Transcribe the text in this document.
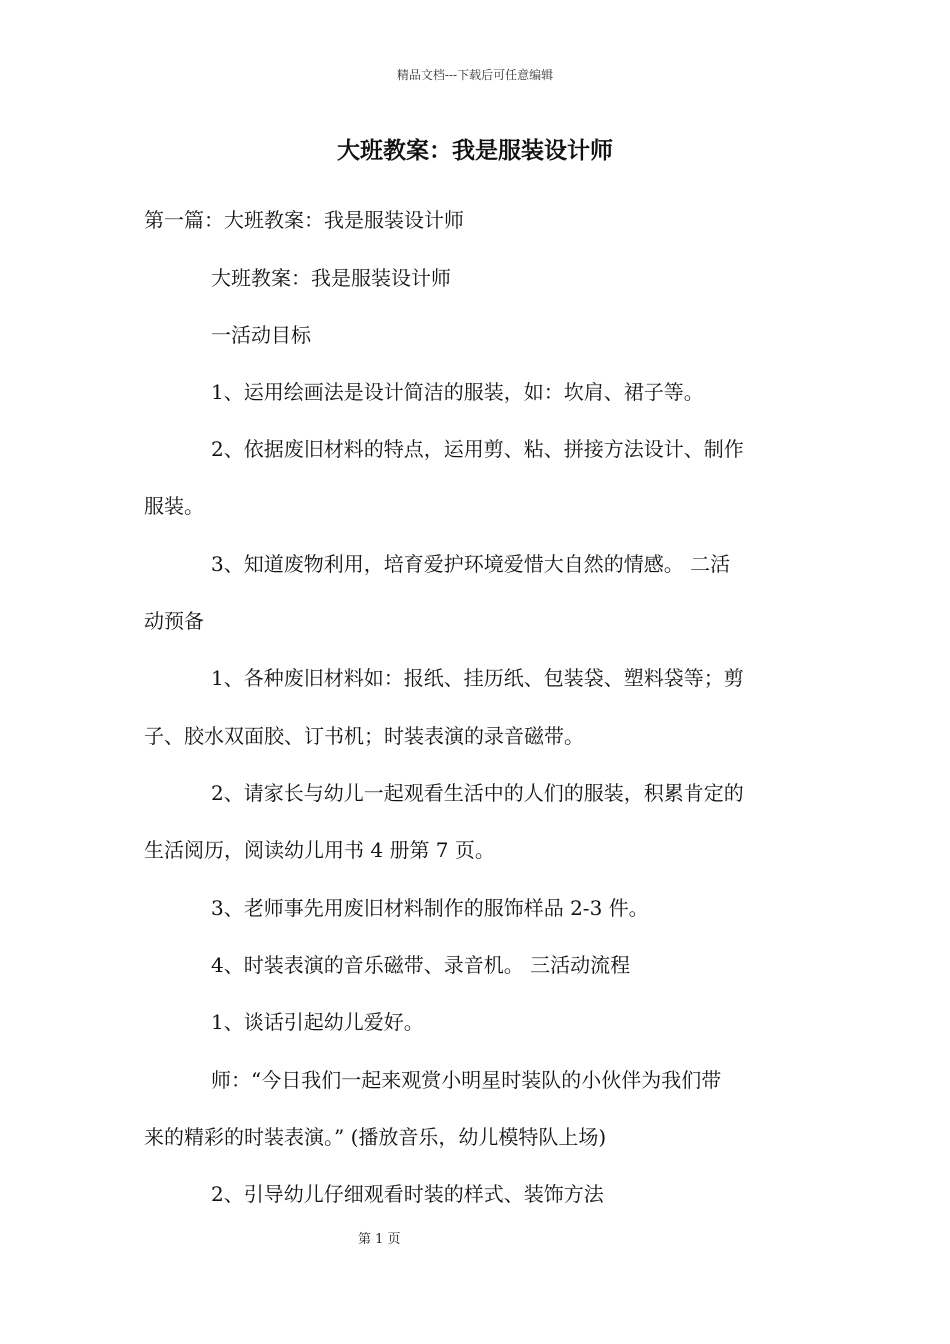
精品文档---下载后可任意编辑
大班教案：我是服装设计师

第一篇：大班教案：我是服装设计师

大班教案：我是服装设计师

一活动目标

1、运用绘画法是设计简洁的服装，如：坎肩、裙子等。

2、依据废旧材料的特点，运用剪、粘、拼接方法设计、制作

服装。

3、知道废物利用，培育爱护环境爱惜大自然的情感。 二活

动预备

1、各种废旧材料如：报纸、挂历纸、包装袋、塑料袋等；剪

子、胶水双面胶、订书机；时装表演的录音磁带。

2、请家长与幼儿一起观看生活中的人们的服装，积累肯定的

生活阅历，阅读幼儿用书 4 册第 7 页。

3、老师事先用废旧材料制作的服饰样品 2-3 件。

4、时装表演的音乐磁带、录音机。 三活动流程

1、谈话引起幼儿爱好。

师：“今日我们一起来观赏小明星时装队的小伙伴为我们带

来的精彩的时装表演。” (播放音乐，幼儿模特队上场)

2、引导幼儿仔细观看时装的样式、装饰方法

第 1 页
